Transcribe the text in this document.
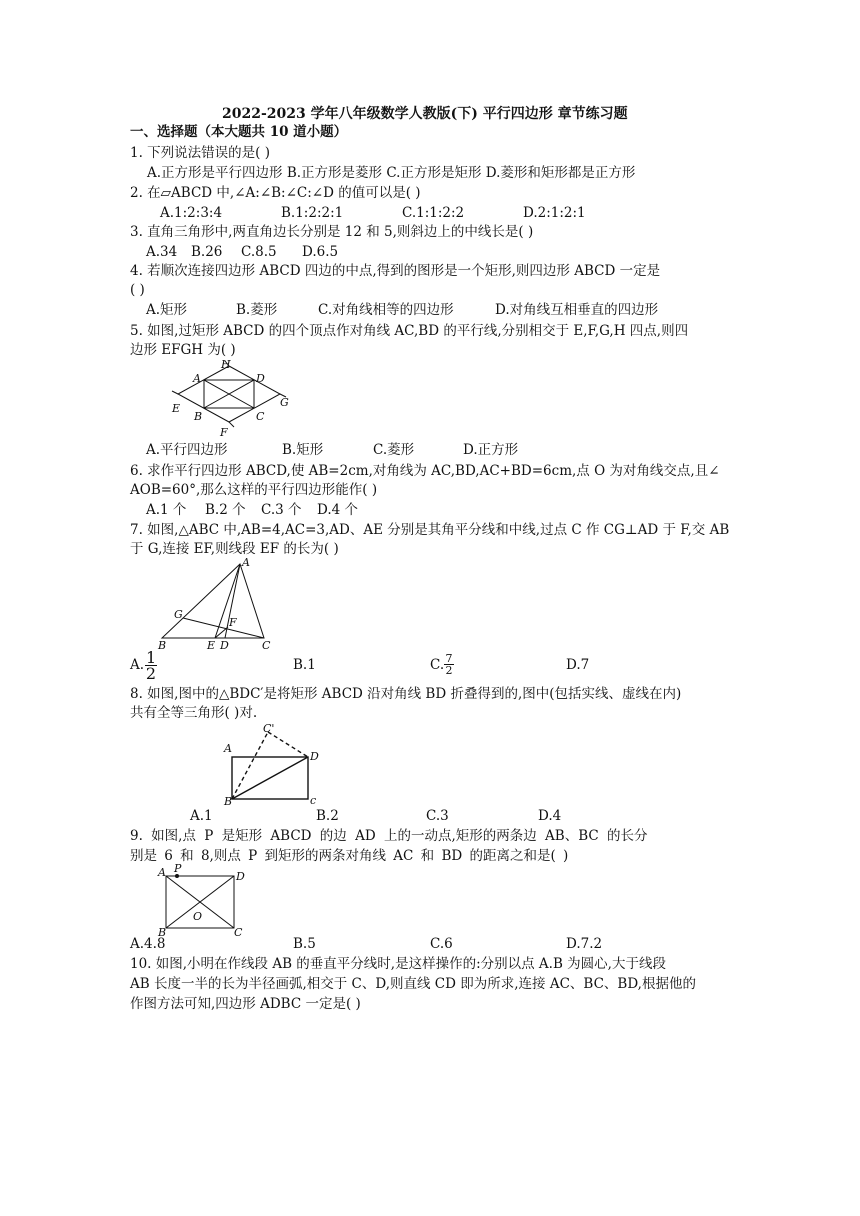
2022-2023 学年八年级数学人教版(下) 平行四边形 章节练习题
一、选择题（本大题共 10 道小题）
1. 下列说法错误的是( )
A.正方形是平行四边形 B.正方形是菱形 C.正方形是矩形 D.菱形和矩形都是正方形
2. 在▱ABCD 中,∠A:∠B:∠C:∠D 的值可以是( )
A.1:2:3:4	B.1:2:2:1	C.1:1:2:2	D.2:1:2:1
3. 直角三角形中,两直角边长分别是 12 和 5,则斜边上的中线长是( )
A.34 B.26 C.8.5 D.6.5
4. 若顺次连接四边形 ABCD 四边的中点,得到的图形是一个矩形,则四边形 ABCD 一定是
( )
A.矩形	B.菱形	C.对角线相等的四边形	D.对角线互相垂直的四边形
5. 如图,过矩形 ABCD 的四个顶点作对角线 AC,BD 的平行线,分别相交于 E,F,G,H 四点,则四
边形 EFGH 为( )
A	D
B	C
E
F
G
H
A.平行四边形	B.矩形	C.菱形	D.正方形
6. 求作平行四边形 ABCD,使 AB=2cm,对角线为 AC,BD,AC+BD=6cm,点 O 为对角线交点,且∠
AOB=60°,那么这样的平行四边形能作( )
A.1 个 B.2 个 C.3 个 D.4 个
7. 如图,△ABC 中,AB=4,AC=3,AD、AE 分别是其角平分线和中线,过点 C 作 CG⊥AD 于 F,交 AB
于 G,连接 EF,则线段 EF 的长为( )
A
B	C
D
E
F
G
A. $\frac{1}{2}$	B.1	C. $\frac{7}{2}$	D.7
8. 如图,图中的△BDC′是将矩形 ABCD 沿对角线 BD 折叠得到的,图中(包括实线、虚线在内)
共有全等三角形( )对.
A
B	c
D
C'
A.1	B.2	C.3	D.4
9. 如图,点 P 是矩形 ABCD 的边 AD 上的一动点,矩形的两条边 AB、BC 的长分
别是 6 和 8,则点 P 到矩形的两条对角线 AC 和 BD 的距离之和是( )
A P
D
B	C
O
A.4.8	B.5	C.6	D.7.2
10. 如图,小明在作线段 AB 的垂直平分线时,是这样操作的:分别以点 A.B 为圆心,大于线段
AB 长度一半的长为半径画弧,相交于 C、D,则直线 CD 即为所求,连接 AC、BC、BD,根据他的
作图方法可知,四边形 ADBC 一定是( )
